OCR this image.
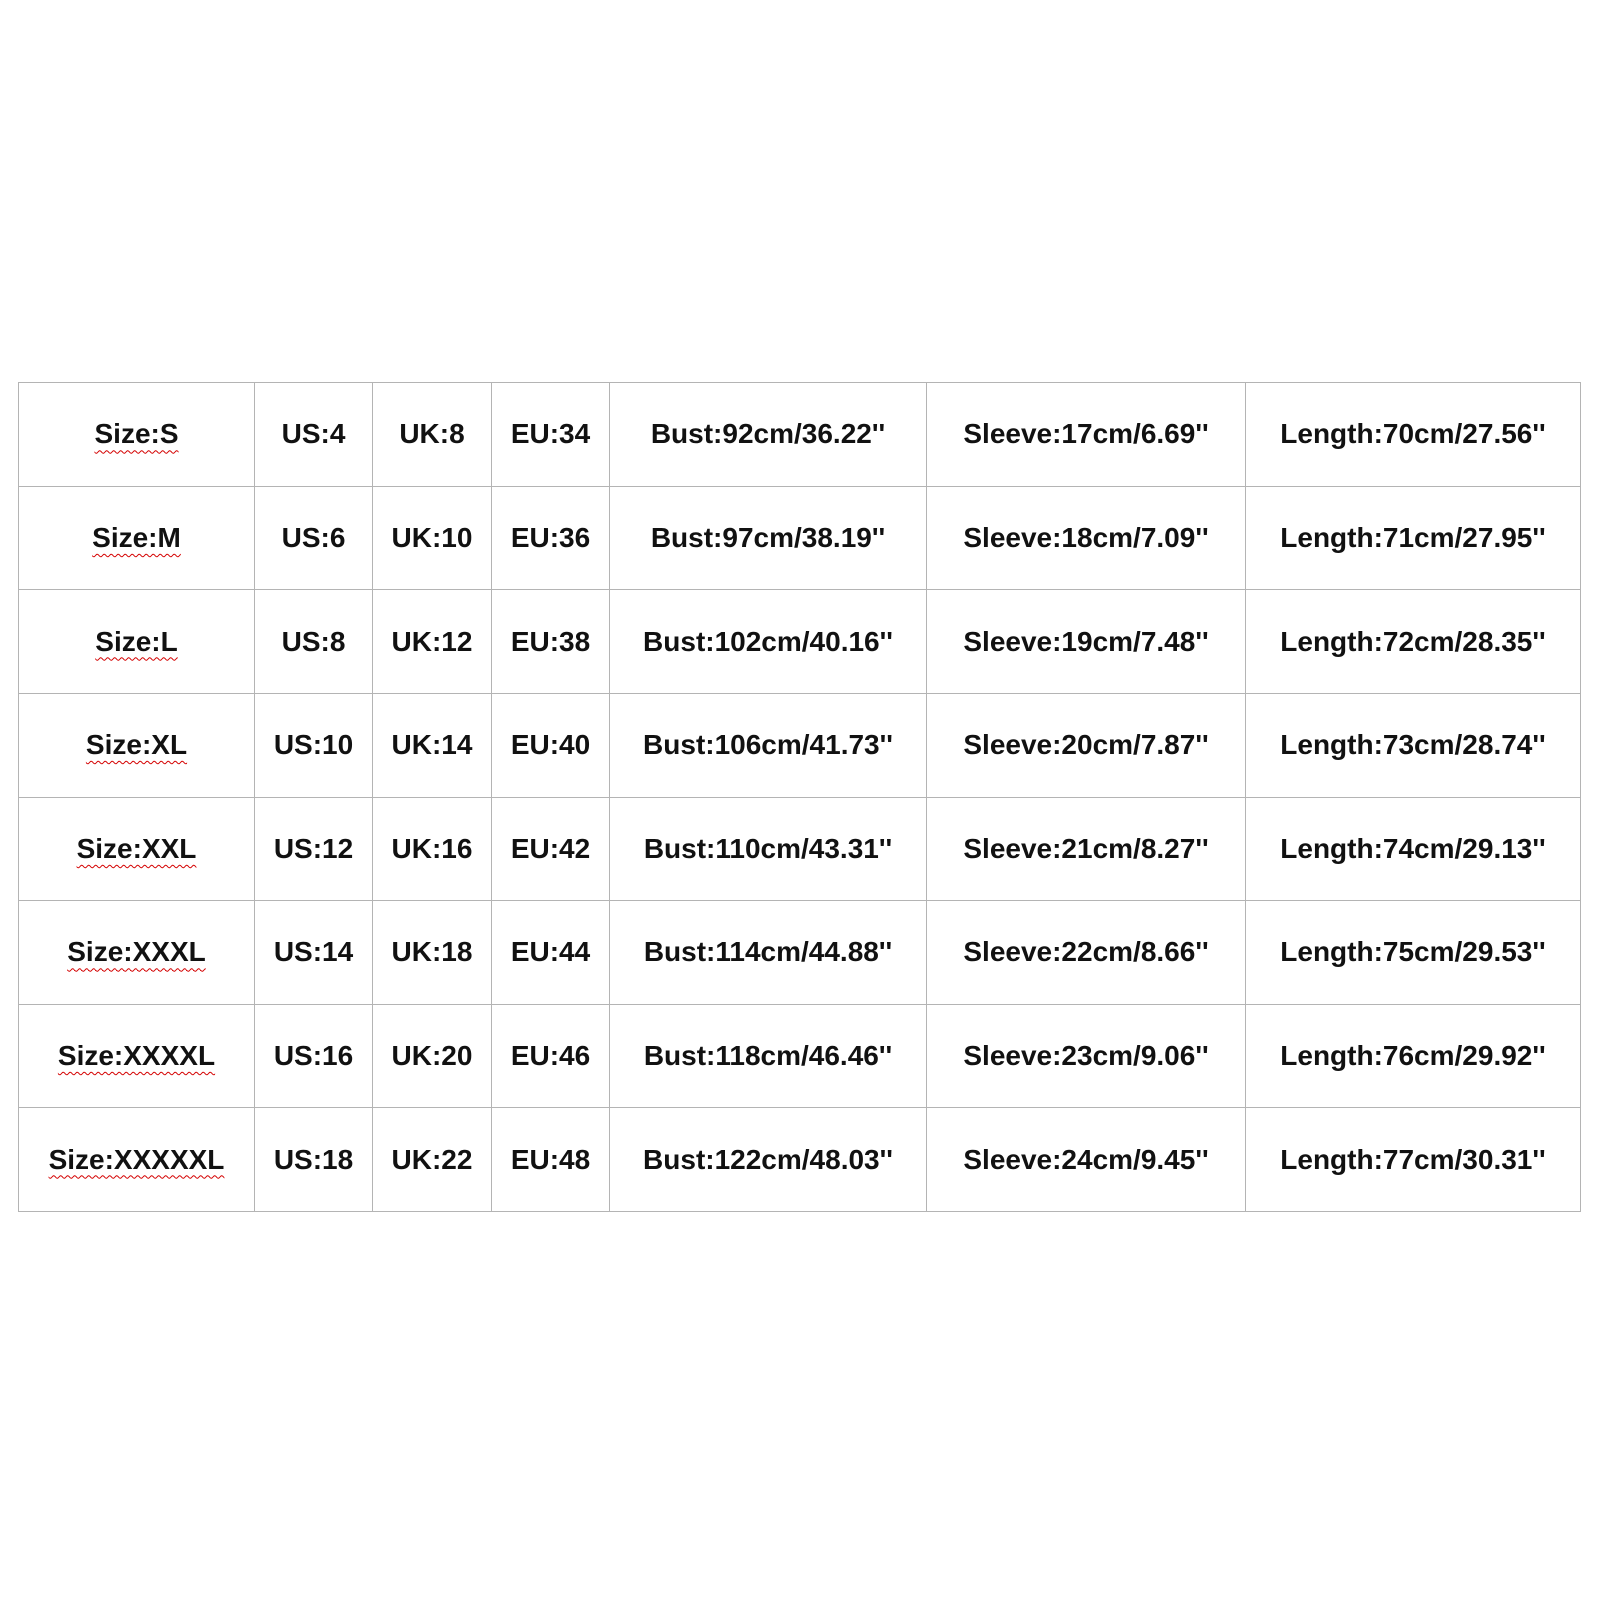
Size:S	US:4	UK:8	EU:34	Bust:92cm/36.22''	Sleeve:17cm/6.69''	Length:70cm/27.56''
Size:M	US:6	UK:10	EU:36	Bust:97cm/38.19''	Sleeve:18cm/7.09''	Length:71cm/27.95''
Size:L	US:8	UK:12	EU:38	Bust:102cm/40.16''	Sleeve:19cm/7.48''	Length:72cm/28.35''
Size:XL	US:10	UK:14	EU:40	Bust:106cm/41.73''	Sleeve:20cm/7.87''	Length:73cm/28.74''
Size:XXL	US:12	UK:16	EU:42	Bust:110cm/43.31''	Sleeve:21cm/8.27''	Length:74cm/29.13''
Size:XXXL	US:14	UK:18	EU:44	Bust:114cm/44.88''	Sleeve:22cm/8.66''	Length:75cm/29.53''
Size:XXXXL	US:16	UK:20	EU:46	Bust:118cm/46.46''	Sleeve:23cm/9.06''	Length:76cm/29.92''
Size:XXXXXL	US:18	UK:22	EU:48	Bust:122cm/48.03''	Sleeve:24cm/9.45''	Length:77cm/30.31''
